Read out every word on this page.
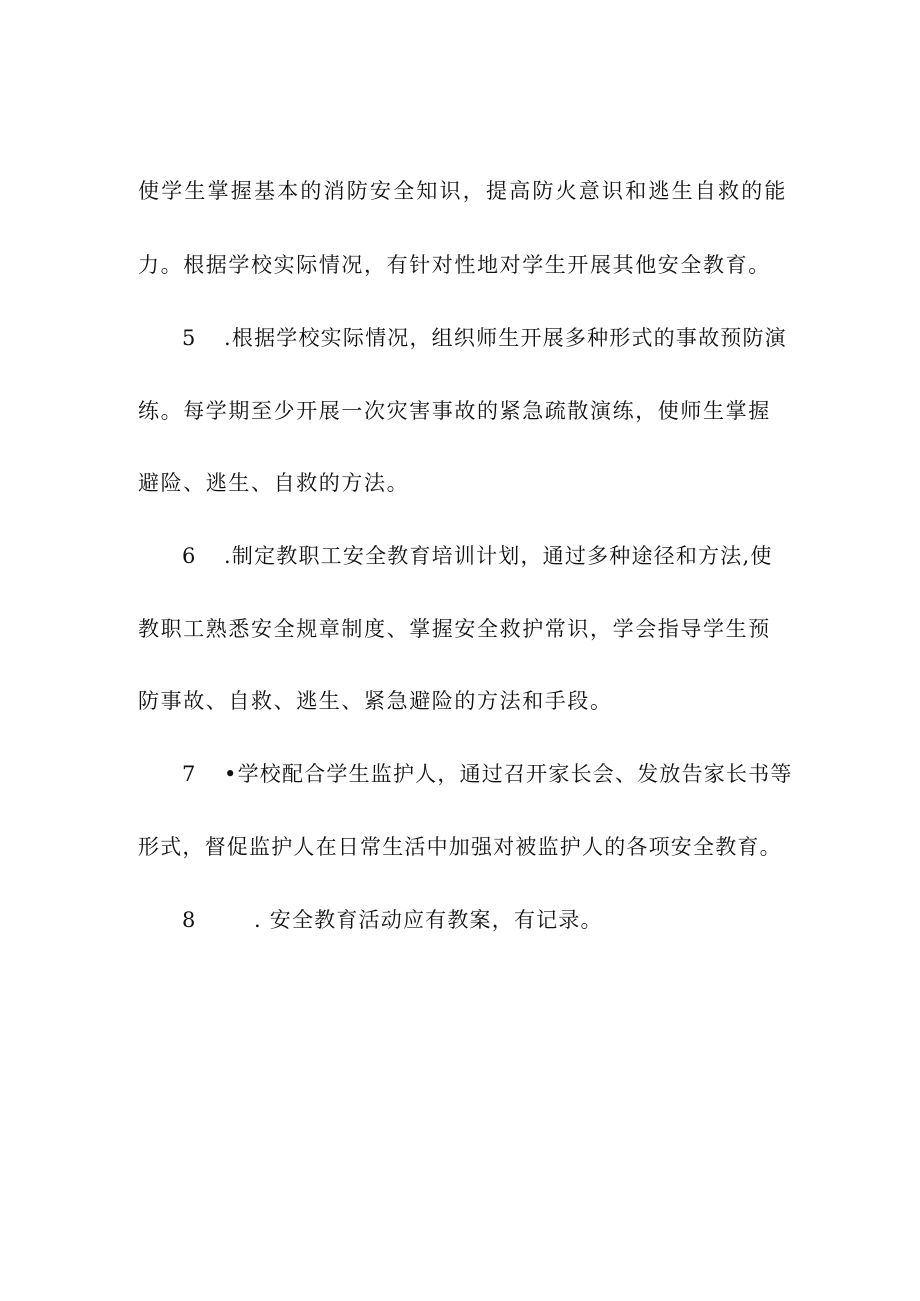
使学生掌握基本的消防安全知识，提高防火意识和逃生自救的能
力。根据学校实际情况，有针对性地对学生开展其他安全教育。
5 .根据学校实际情况，组织师生开展多种形式的事故预防演
练。每学期至少开展一次灾害事故的紧急疏散演练，使师生掌握
避险、逃生、自救的方法。
6 .制定教职工安全教育培训计划，通过多种途径和方法,使
教职工熟悉安全规章制度、掌握安全救护常识，学会指导学生预
防事故、自救、逃生、紧急避险的方法和手段。
7 •学校配合学生监护人，通过召开家长会、发放告家长书等
形式，督促监护人在日常生活中加强对被监护人的各项安全教育。
8	. 安全教育活动应有教案，有记录。
